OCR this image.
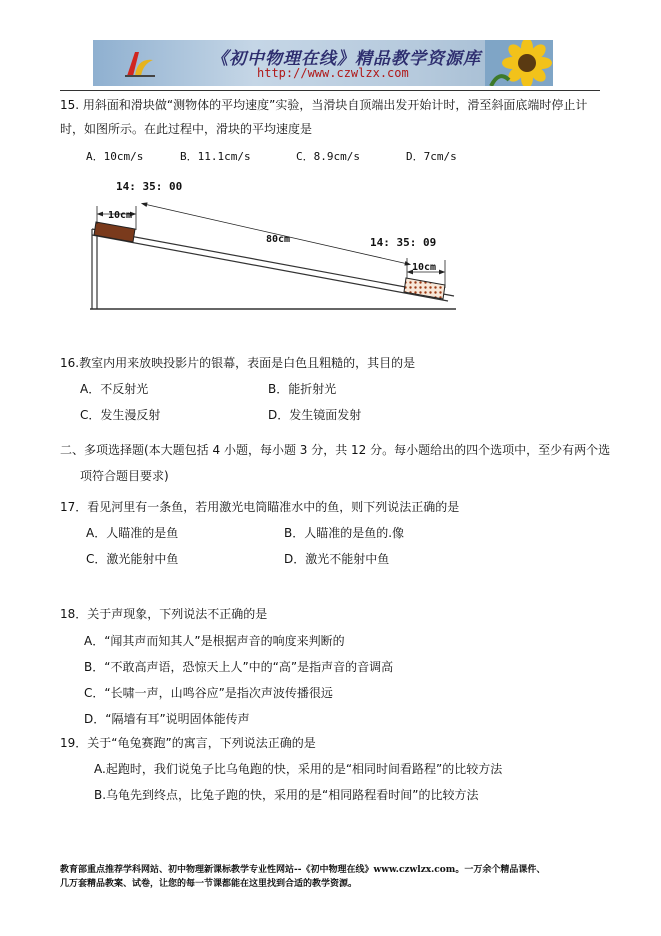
《初中物理在线》精品教学资源库
http://www.czwlzx.com
15. 用斜面和滑块做“测物体的平均速度”实验，当滑块自顶端出发开始计时，滑至斜面底端时停止计
时，如图所示。在此过程中，滑块的平均速度是
A．10cm/s	B．11.1cm/s	C．8.9cm/s	D．7cm/s
10cm
14: 35: 00
80cm	14: 35: 09
10cm
16.教室内用来放映投影片的银幕，表面是白色且粗糙的，其目的是
A．不反射光	B．能折射光
C．发生漫反射	D．发生镜面发射
二、多项选择题(本大题包括 4 小题，每小题 3 分，共 12 分。每小题给出的四个选项中，至少有两个选
项符合题目要求)
17．看见河里有一条鱼，若用激光电筒瞄准水中的鱼，则下列说法正确的是
A．人瞄准的是鱼	B．人瞄准的是鱼的.像
C．激光能射中鱼	D．激光不能射中鱼
18．关于声现象，下列说法不正确的是
A．“闻其声而知其人”是根据声音的响度来判断的
B．“不敢高声语，恐惊天上人”中的“高”是指声音的音调高
C．“长啸一声，山鸣谷应”是指次声波传播很远
D．“隔墙有耳”说明固体能传声
19．关于“龟兔赛跑”的寓言，下列说法正确的是
A.起跑时，我们说兔子比乌龟跑的快，采用的是“相同时间看路程”的比较方法
B.乌龟先到终点，比兔子跑的快，采用的是“相同路程看时间”的比较方法
教育部重点推荐学科网站、初中物理新课标教学专业性网站--《初中物理在线》www.czwlzx.com。一万余个精品课件、
几万套精品教案、试卷，让您的每一节课都能在这里找到合适的教学资源。
